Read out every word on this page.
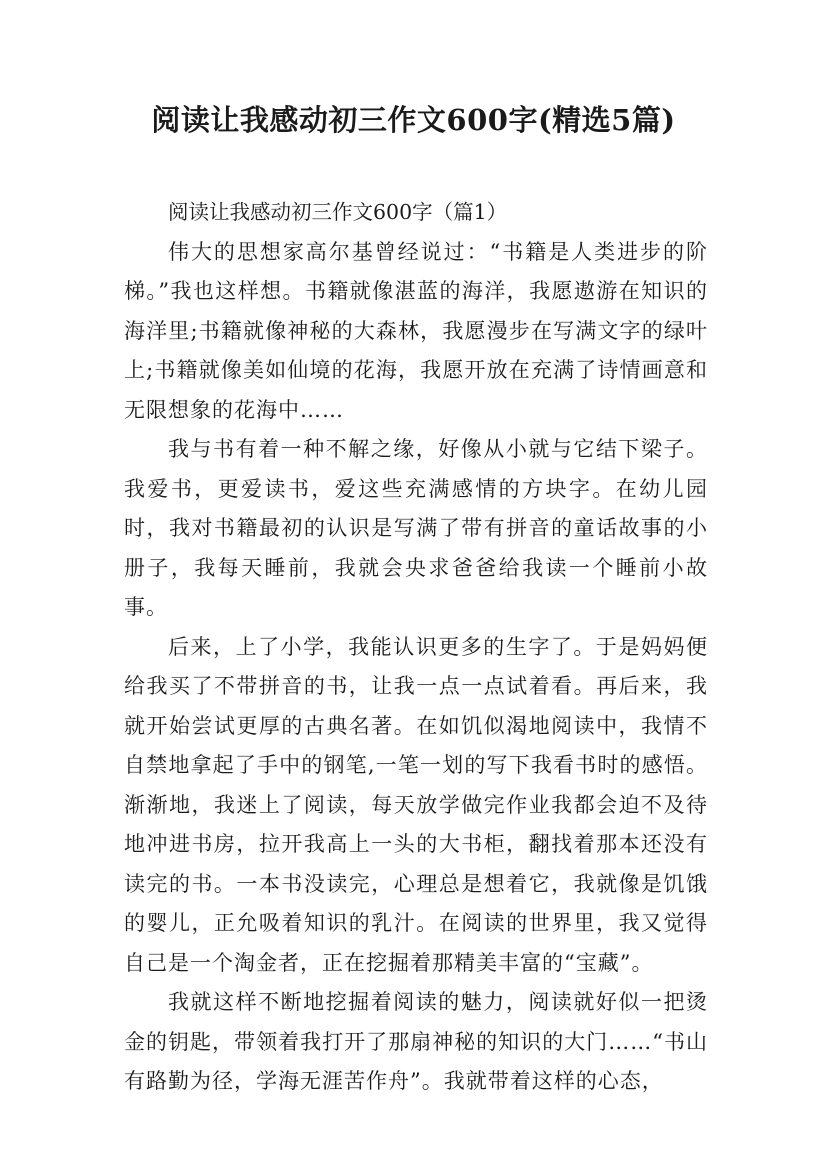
阅读让我感动初三作文600字(精选5篇)

阅读让我感动初三作文600字（篇1）

伟大的思想家高尔基曾经说过：“书籍是人类进步的阶梯。”我也这样想。书籍就像湛蓝的海洋，我愿遨游在知识的海洋里;书籍就像神秘的大森林，我愿漫步在写满文字的绿叶上;书籍就像美如仙境的花海，我愿开放在充满了诗情画意和无限想象的花海中……

我与书有着一种不解之缘，好像从小就与它结下梁子。我爱书，更爱读书，爱这些充满感情的方块字。在幼儿园时，我对书籍最初的认识是写满了带有拼音的童话故事的小册子，我每天睡前，我就会央求爸爸给我读一个睡前小故事。

后来，上了小学，我能认识更多的生字了。于是妈妈便给我买了不带拼音的书，让我一点一点试着看。再后来，我就开始尝试更厚的古典名著。在如饥似渴地阅读中，我情不自禁地拿起了手中的钢笔,一笔一划的写下我看书时的感悟。渐渐地，我迷上了阅读，每天放学做完作业我都会迫不及待地冲进书房，拉开我高上一头的大书柜，翻找着那本还没有读完的书。一本书没读完，心理总是想着它，我就像是饥饿的婴儿，正允吸着知识的乳汁。在阅读的世界里，我又觉得自己是一个淘金者，正在挖掘着那精美丰富的“宝藏”。

我就这样不断地挖掘着阅读的魅力，阅读就好似一把烫金的钥匙，带领着我打开了那扇神秘的知识的大门……“书山有路勤为径，学海无涯苦作舟”。我就带着这样的心态，
